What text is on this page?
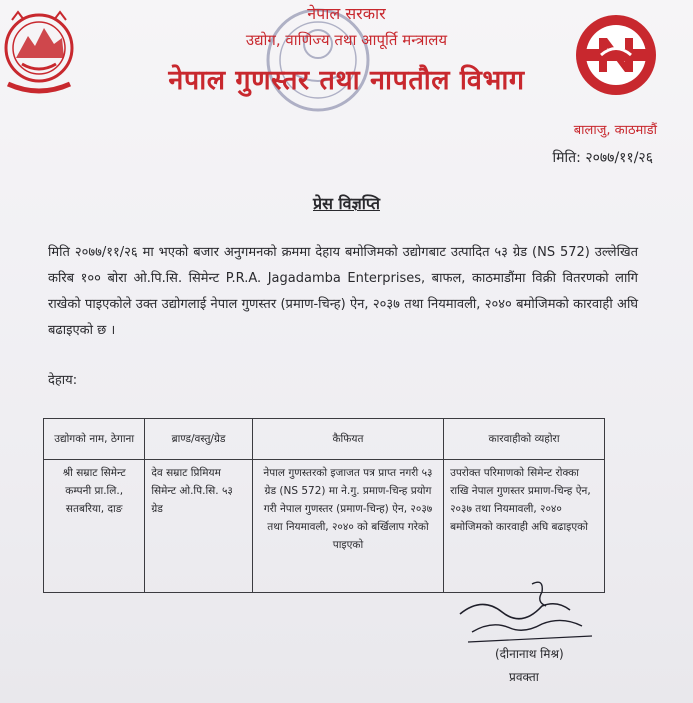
नेपाल सरकार
उद्योग, वाणिज्य तथा आपूर्ति मन्त्रालय
नेपाल गुणस्तर तथा नापतौल विभाग
बालाजु, काठमाडौं
मिति: २०७७/११/२६
प्रेस विज्ञप्ति
मिति २०७७/११/२६ मा भएको बजार अनुगमनको क्रममा देहाय बमोजिमको उद्योगबाट उत्पादित ५३ ग्रेड (NS 572) उल्लेखित करिब १०० बोरा ओ.पि.सि. सिमेन्ट P.R.A. Jagadamba Enterprises, बाफल, काठमाडौंमा विक्री वितरणको लागि राखेको पाइएकोले उक्त उद्योगलाई नेपाल गुणस्तर (प्रमाण-चिन्ह) ऐन, २०३७ तथा नियमावली, २०४० बमोजिमको कारवाही अघि बढाइएको छ ।
देहाय:
उद्योगको नाम, ठेगाना	ब्राण्ड/वस्तु/ग्रेड	कैफियत	कारवाहीको व्यहोरा
श्री सम्राट सिमेन्ट कम्पनी प्रा.लि., सतबरिया, दाङ	देव सम्राट प्रिमियम सिमेन्ट ओ.पि.सि. ५३ ग्रेड	नेपाल गुणस्तरको इजाजत पत्र प्राप्त नगरी ५३ ग्रेड (NS 572) मा ने.गु. प्रमाण-चिन्ह प्रयोग गरी नेपाल गुणस्तर (प्रमाण-चिन्ह) ऐन, २०३७ तथा नियमावली, २०४० को बर्खिलाप गरेको पाइएको	उपरोक्त परिमाणको सिमेन्ट रोक्का राखि नेपाल गुणस्तर प्रमाण-चिन्ह ऐन, २०३७ तथा नियमावली, २०४० बमोजिमको कारवाही अघि बढाइएको
(दीनानाथ मिश्र)
प्रवक्ता
